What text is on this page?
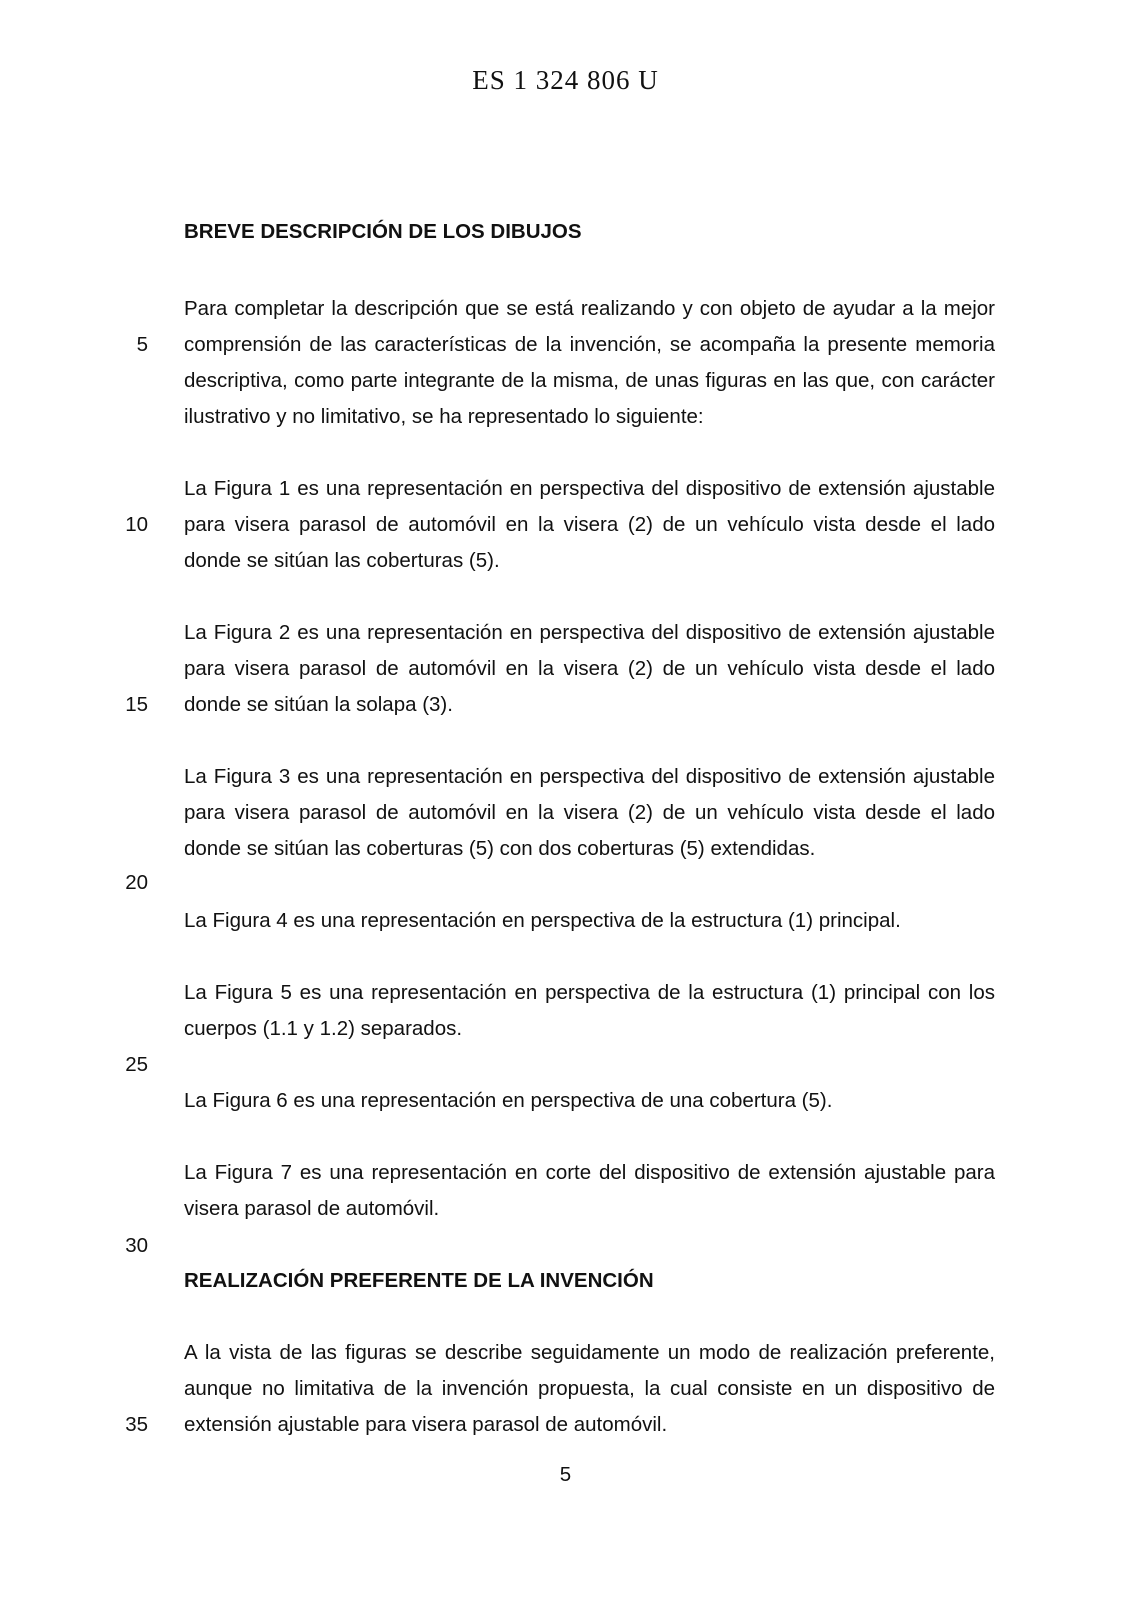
ES 1 324 806 U
5
10
15
20
25
30
35
BREVE DESCRIPCIÓN DE LOS DIBUJOS
Para completar la descripción que se está realizando y con objeto de ayudar a la mejor
comprensión de las características de la invención, se acompaña la presente memoria
descriptiva, como parte integrante de la misma, de unas figuras en las que, con carácter
ilustrativo y no limitativo, se ha representado lo siguiente:
La Figura 1 es una representación en perspectiva del dispositivo de extensión ajustable
para visera parasol de automóvil en la visera (2) de un vehículo vista desde el lado
donde se sitúan las coberturas (5).
La Figura 2 es una representación en perspectiva del dispositivo de extensión ajustable
para visera parasol de automóvil en la visera (2) de un vehículo vista desde el lado
donde se sitúan la solapa (3).
La Figura 3 es una representación en perspectiva del dispositivo de extensión ajustable
para visera parasol de automóvil en la visera (2) de un vehículo vista desde el lado
donde se sitúan las coberturas (5) con dos coberturas (5) extendidas.
La Figura 4 es una representación en perspectiva de la estructura (1) principal.
La Figura 5 es una representación en perspectiva de la estructura (1) principal con los
cuerpos (1.1 y 1.2) separados.
La Figura 6 es una representación en perspectiva de una cobertura (5).
La Figura 7 es una representación en corte del dispositivo de extensión ajustable para
visera parasol de automóvil.
REALIZACIÓN PREFERENTE DE LA INVENCIÓN
A la vista de las figuras se describe seguidamente un modo de realización preferente,
aunque no limitativa de la invención propuesta, la cual consiste en un dispositivo de
extensión ajustable para visera parasol de automóvil.
5
